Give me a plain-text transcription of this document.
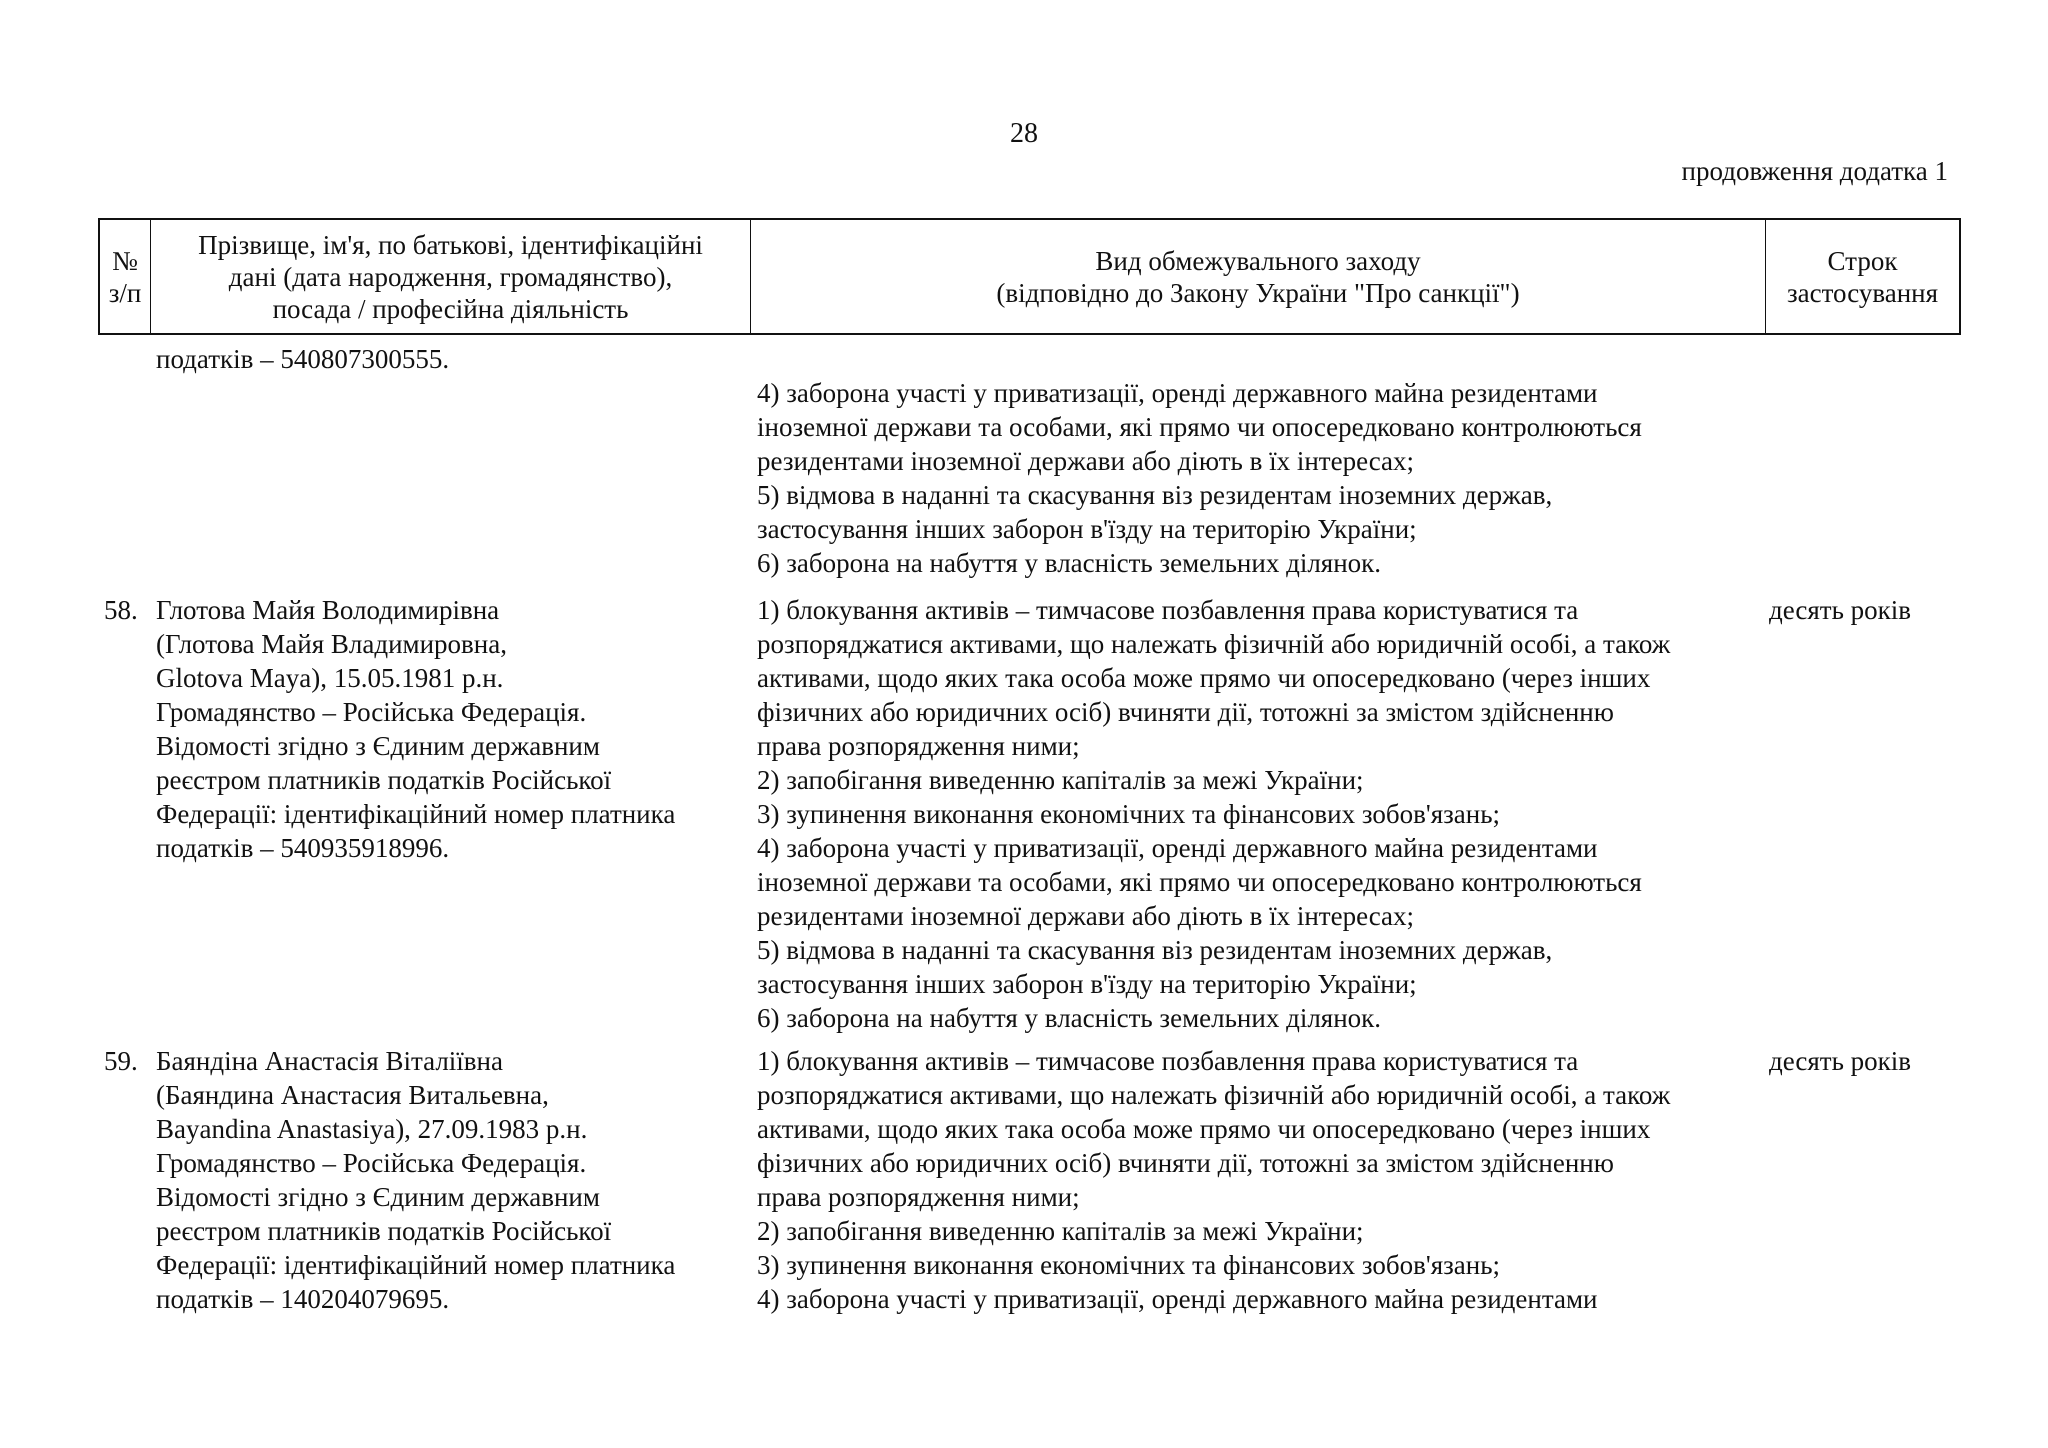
28
продовження додатка 1
№
з/п
Прізвище, ім'я, по батькові, ідентифікаційні
дані (дата народження, громадянство),
посада / професійна діяльність
Вид обмежувального заходу
(відповідно до Закону України "Про санкції")
Строк
застосування
податків – 540807300555.
4) заборона участі у приватизації, оренді державного майна резидентами
іноземної держави та особами, які прямо чи опосередковано контролюються
резидентами іноземної держави або діють в їх інтересах;
5) відмова в наданні та скасування віз резидентам іноземних держав,
застосування інших заборон в'їзду на територію України;
6) заборона на набуття у власність земельних ділянок.
58. Глотова Майя Володимирівна
(Глотова Майя Владимировна,
Glotova Maya), 15.05.1981 р.н.
Громадянство – Російська Федерація.
Відомості згідно з Єдиним державним
реєстром платників податків Російської
Федерації: ідентифікаційний номер платника
податків – 540935918996.
1) блокування активів – тимчасове позбавлення права користуватися та
розпоряджатися активами, що належать фізичній або юридичній особі, а також
активами, щодо яких така особа може прямо чи опосередковано (через інших
фізичних або юридичних осіб) вчиняти дії, тотожні за змістом здійсненню
права розпорядження ними;
2) запобігання виведенню капіталів за межі України;
3) зупинення виконання економічних та фінансових зобов'язань;
4) заборона участі у приватизації, оренді державного майна резидентами
іноземної держави та особами, які прямо чи опосередковано контролюються
резидентами іноземної держави або діють в їх інтересах;
5) відмова в наданні та скасування віз резидентам іноземних держав,
застосування інших заборон в'їзду на територію України;
6) заборона на набуття у власність земельних ділянок.
десять років
59. Баяндіна Анастасія Віталіївна
(Баяндина Анастасия Витальевна,
Bayandina Anastasiya), 27.09.1983 р.н.
Громадянство – Російська Федерація.
Відомості згідно з Єдиним державним
реєстром платників податків Російської
Федерації: ідентифікаційний номер платника
податків – 140204079695.
1) блокування активів – тимчасове позбавлення права користуватися та
розпоряджатися активами, що належать фізичній або юридичній особі, а також
активами, щодо яких така особа може прямо чи опосередковано (через інших
фізичних або юридичних осіб) вчиняти дії, тотожні за змістом здійсненню
права розпорядження ними;
2) запобігання виведенню капіталів за межі України;
3) зупинення виконання економічних та фінансових зобов'язань;
4) заборона участі у приватизації, оренді державного майна резидентами
десять років
